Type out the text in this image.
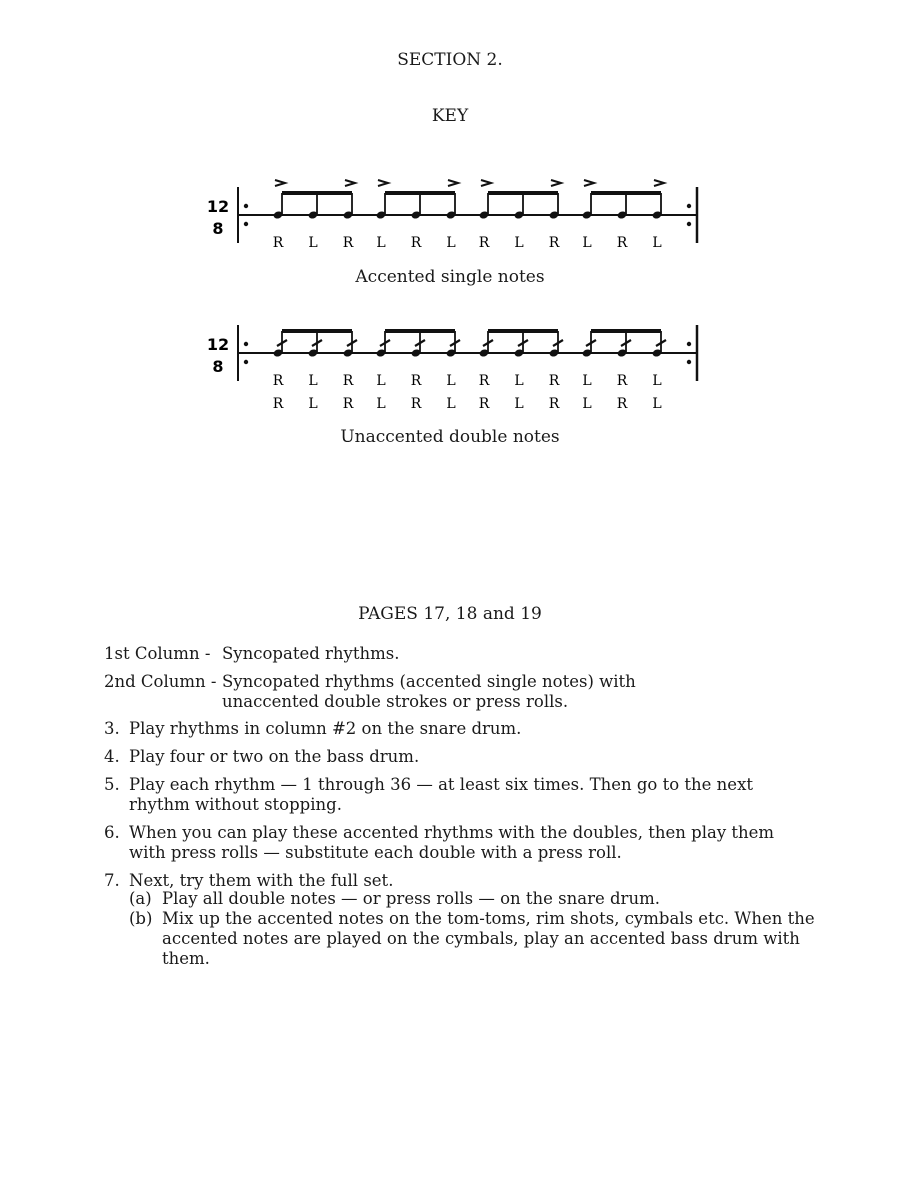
SECTION 2.
KEY
12
8
R L R L R L R L R L R L
Accented single notes
12
8
R L R L R L R L R L R L
R L R L R L R L R L R L
Unaccented double notes
PAGES 17, 18 and 19
1st Column - Syncopated rhythms.
2nd Column - Syncopated rhythms (accented single notes) with unaccented double strokes or press rolls.
3. Play rhythms in column #2 on the snare drum.
4. Play four or two on the bass drum.
5. Play each rhythm — 1 through 36 — at least six times. Then go to the next rhythm without stopping.
6. When you can play these accented rhythms with the doubles, then play them with press rolls — substitute each double with a press roll.
7. Next, try them with the full set.
(a) Play all double notes — or press rolls — on the snare drum.
(b) Mix up the accented notes on the tom-toms, rim shots, cymbals etc. When the accented notes are played on the cymbals, play an accented bass drum with them.
